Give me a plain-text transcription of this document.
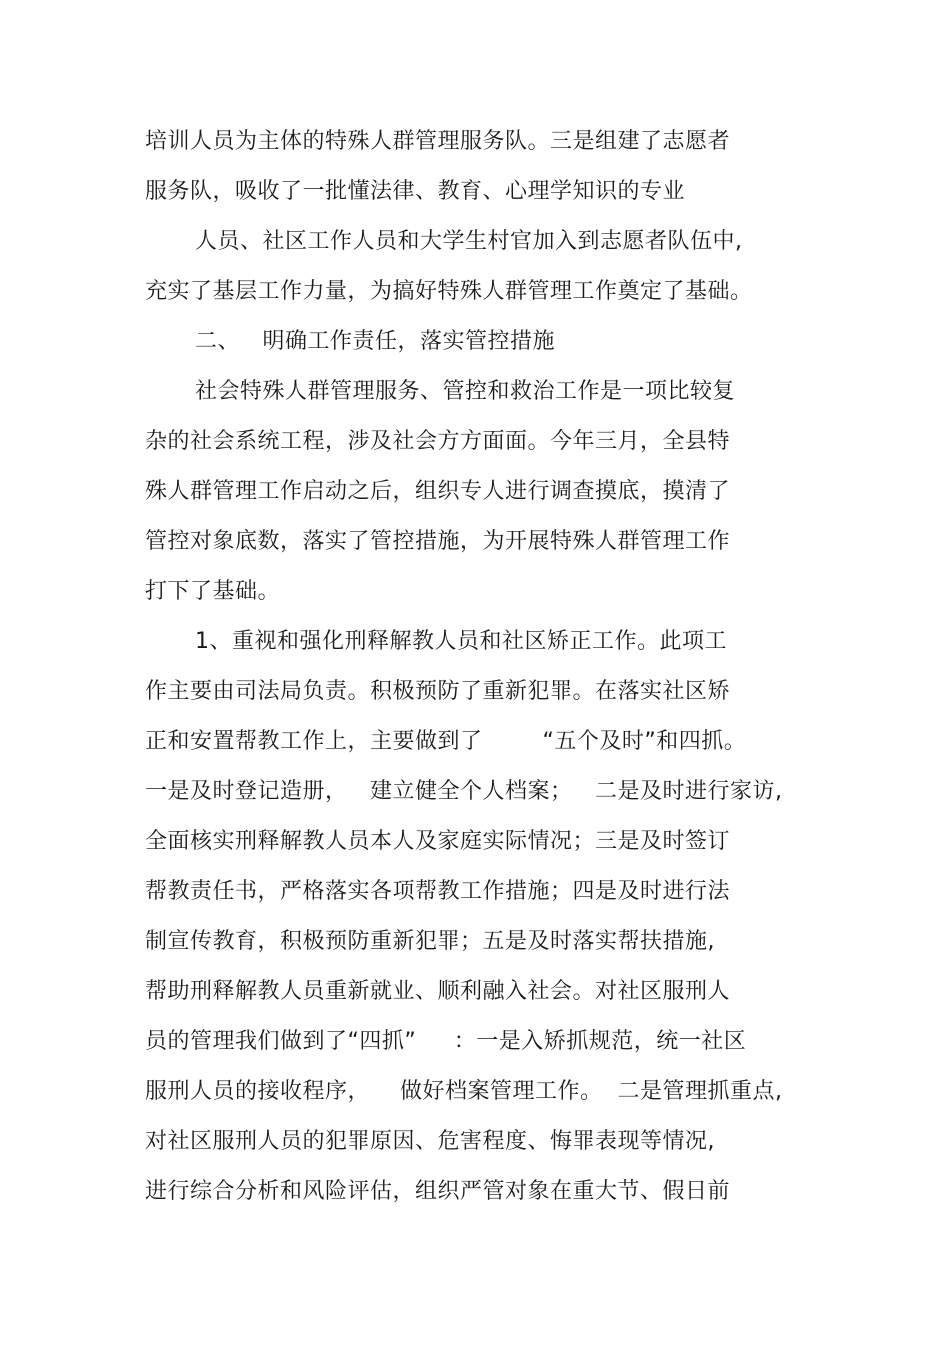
培训人员为主体的特殊人群管理服务队。三是组建了志愿者
服务队，吸收了一批懂法律、教育、心理学知识的专业
人员、社区工作人员和大学生村官加入到志愿者队伍中,
充实了基层工作力量，为搞好特殊人群管理工作奠定了基础。
二、   明确工作责任，落实管控措施
社会特殊人群管理服务、管控和救治工作是一项比较复
杂的社会系统工程，涉及社会方方面面。今年三月，全县特
殊人群管理工作启动之后，组织专人进行调查摸底，摸清了
管控对象底数，落实了管控措施，为开展特殊人群管理工作
打下了基础。
1、重视和强化刑释解教人员和社区矫正工作。此项工
作主要由司法局负责。积极预防了重新犯罪。在落实社区矫
正和安置帮教工作上，主要做到了        “五个及时”和四抓。
一是及时登记造册，   建立健全个人档案；   二是及时进行家访,
全面核实刑释解教人员本人及家庭实际情况；三是及时签订
帮教责任书，严格落实各项帮教工作措施；四是及时进行法
制宣传教育，积极预防重新犯罪；五是及时落实帮扶措施,
帮助刑释解教人员重新就业、顺利融入社会。对社区服刑人
员的管理我们做到了“四抓”     ：一是入矫抓规范，统一社区
服刑人员的接收程序，    做好档案管理工作。  二是管理抓重点,
对社区服刑人员的犯罪原因、危害程度、悔罪表现等情况,
进行综合分析和风险评估，组织严管对象在重大节、假日前
